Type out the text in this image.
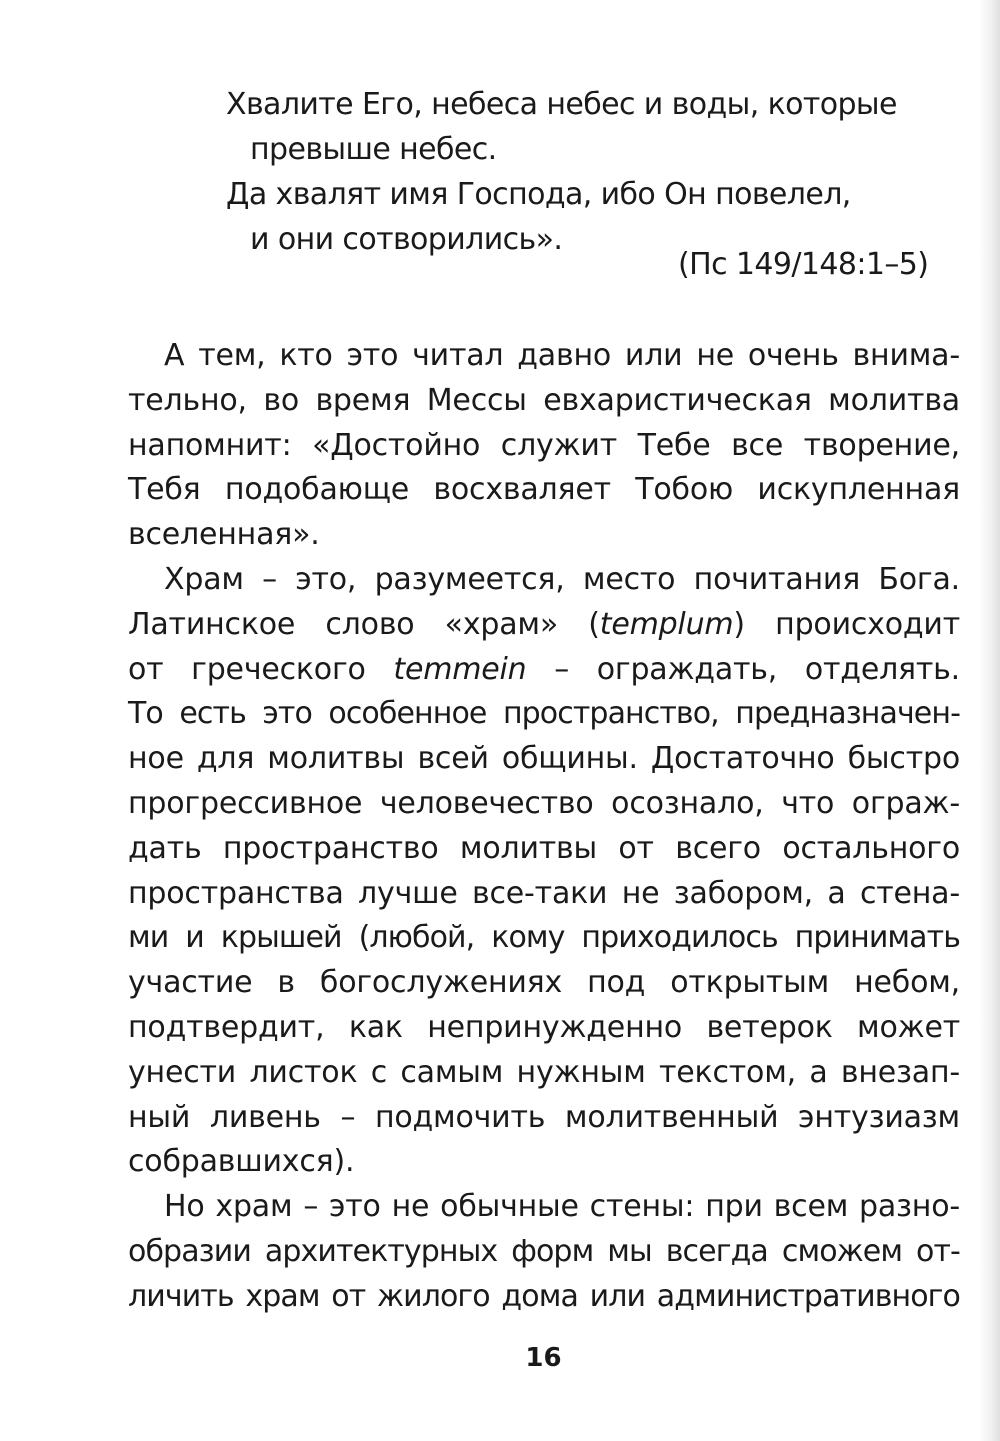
Хвалите Его, небеса небес и воды, которые
превыше небес.
Да хвалят имя Господа, ибо Он повелел,
и они сотворились».
(Пс 149/148:1–5)

А тем, кто это читал давно или не очень внима-
тельно, во время Мессы евхаристическая молитва
напомнит: «Достойно служит Тебе все творение,
Тебя подобающе восхваляет Тобою искупленная
вселенная».

Храм – это, разумеется, место почитания Бога.
Латинское слово «храм» (templum) происходит
от греческого temmein – ограждать, отделять.
То есть это особенное пространство, предназначен-
ное для молитвы всей общины. Достаточно быстро
прогрессивное человечество осознало, что ограж-
дать пространство молитвы от всего остального
пространства лучше все-таки не забором, а стена-
ми и крышей (любой, кому приходилось принимать
участие в богослужениях под открытым небом,
подтвердит, как непринужденно ветерок может
унести листок с самым нужным текстом, а внезап-
ный ливень – подмочить молитвенный энтузиазм
собравшихся).

Но храм – это не обычные стены: при всем разно-
образии архитектурных форм мы всегда сможем от-
личить храм от жилого дома или административного

16
